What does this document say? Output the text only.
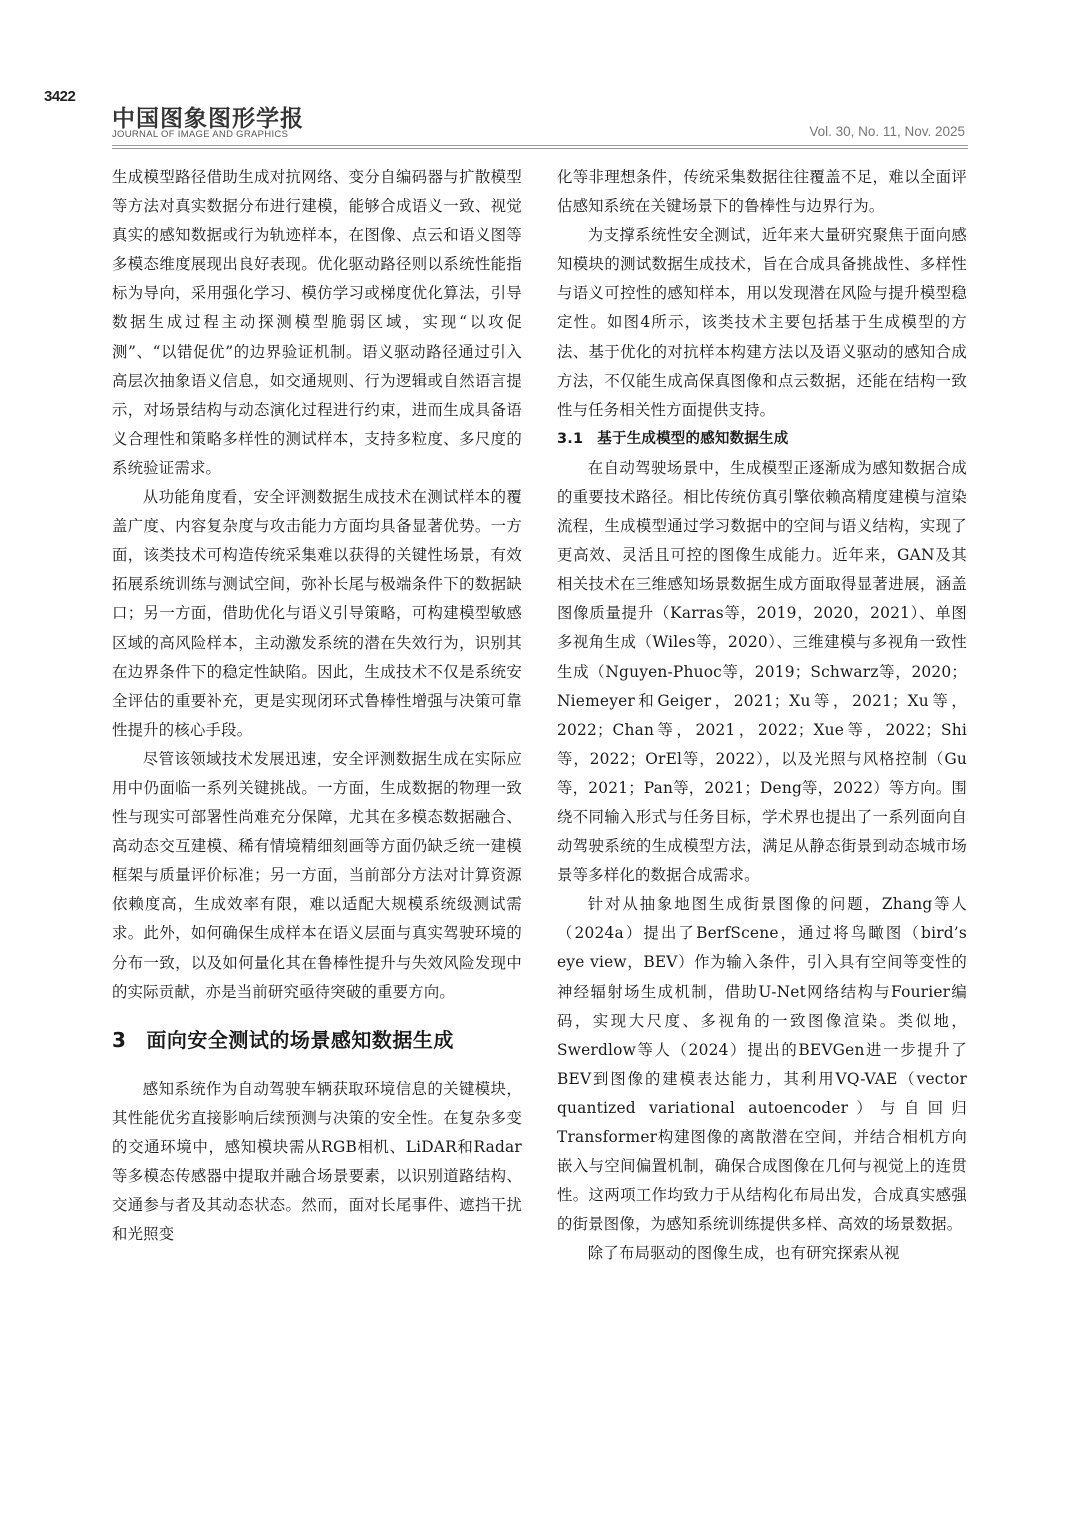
3422
中国图象图形学报
JOURNAL OF IMAGE AND GRAPHICS	Vol. 30, No. 11, Nov. 2025

生成模型路径借助生成对抗网络、变分自编码器与扩散模型等方法对真实数据分布进行建模，能够合成语义一致、视觉真实的感知数据或行为轨迹样本，在图像、点云和语义图等多模态维度展现出良好表现。优化驱动路径则以系统性能指标为导向，采用强化学习、模仿学习或梯度优化算法，引导数据生成过程主动探测模型脆弱区域，实现“以攻促测”、“以错促优”的边界验证机制。语义驱动路径通过引入高层次抽象语义信息，如交通规则、行为逻辑或自然语言提示，对场景结构与动态演化过程进行约束，进而生成具备语义合理性和策略多样性的测试样本，支持多粒度、多尺度的系统验证需求。

从功能角度看，安全评测数据生成技术在测试样本的覆盖广度、内容复杂度与攻击能力方面均具备显著优势。一方面，该类技术可构造传统采集难以获得的关键性场景，有效拓展系统训练与测试空间，弥补长尾与极端条件下的数据缺口；另一方面，借助优化与语义引导策略，可构建模型敏感区域的高风险样本，主动激发系统的潜在失效行为，识别其在边界条件下的稳定性缺陷。因此，生成技术不仅是系统安全评估的重要补充，更是实现闭环式鲁棒性增强与决策可靠性提升的核心手段。

尽管该领域技术发展迅速，安全评测数据生成在实际应用中仍面临一系列关键挑战。一方面，生成数据的物理一致性与现实可部署性尚难充分保障，尤其在多模态数据融合、高动态交互建模、稀有情境精细刻画等方面仍缺乏统一建模框架与质量评价标准；另一方面，当前部分方法对计算资源依赖度高，生成效率有限，难以适配大规模系统级测试需求。此外，如何确保生成样本在语义层面与真实驾驶环境的分布一致，以及如何量化其在鲁棒性提升与失效风险发现中的实际贡献，亦是当前研究亟待突破的重要方向。

3 面向安全测试的场景感知数据生成

感知系统作为自动驾驶车辆获取环境信息的关键模块，其性能优劣直接影响后续预测与决策的安全性。在复杂多变的交通环境中，感知模块需从RGB相机、LiDAR和Radar等多模态传感器中提取并融合场景要素，以识别道路结构、交通参与者及其动态状态。然而，面对长尾事件、遮挡干扰和光照变

化等非理想条件，传统采集数据往往覆盖不足，难以全面评估感知系统在关键场景下的鲁棒性与边界行为。

为支撑系统性安全测试，近年来大量研究聚焦于面向感知模块的测试数据生成技术，旨在合成具备挑战性、多样性与语义可控性的感知样本，用以发现潜在风险与提升模型稳定性。如图4所示，该类技术主要包括基于生成模型的方法、基于优化的对抗样本构建方法以及语义驱动的感知合成方法，不仅能生成高保真图像和点云数据，还能在结构一致性与任务相关性方面提供支持。

3.1 基于生成模型的感知数据生成

在自动驾驶场景中，生成模型正逐渐成为感知数据合成的重要技术路径。相比传统仿真引擎依赖高精度建模与渲染流程，生成模型通过学习数据中的空间与语义结构，实现了更高效、灵活且可控的图像生成能力。近年来，GAN及其相关技术在三维感知场景数据生成方面取得显著进展，涵盖图像质量提升（Karras等，2019，2020，2021）、单图多视角生成（Wiles等，2020）、三维建模与多视角一致性生成（Nguyen-Phuoc等，2019；Schwarz等，2020；Niemeyer和Geiger，2021；Xu等，2021；Xu等，2022；Chan等，2021，2022；Xue等，2022；Shi等，2022；OrEl等，2022），以及光照与风格控制（Gu等，2021；Pan等，2021；Deng等，2022）等方向。围绕不同输入形式与任务目标，学术界也提出了一系列面向自动驾驶系统的生成模型方法，满足从静态街景到动态城市场景等多样化的数据合成需求。

针对从抽象地图生成街景图像的问题，Zhang等人（2024a）提出了BerfScene，通过将鸟瞰图（bird’s eye view，BEV）作为输入条件，引入具有空间等变性的神经辐射场生成机制，借助U-Net网络结构与Fourier编码，实现大尺度、多视角的一致图像渲染。类似地，Swerdlow等人（2024）提出的BEVGen进一步提升了BEV到图像的建模表达能力，其利用VQ-VAE（vector quantized variational autoencoder）与自回归Transformer构建图像的离散潜在空间，并结合相机方向嵌入与空间偏置机制，确保合成图像在几何与视觉上的连贯性。这两项工作均致力于从结构化布局出发，合成真实感强的街景图像，为感知系统训练提供多样、高效的场景数据。

除了布局驱动的图像生成，也有研究探索从视
